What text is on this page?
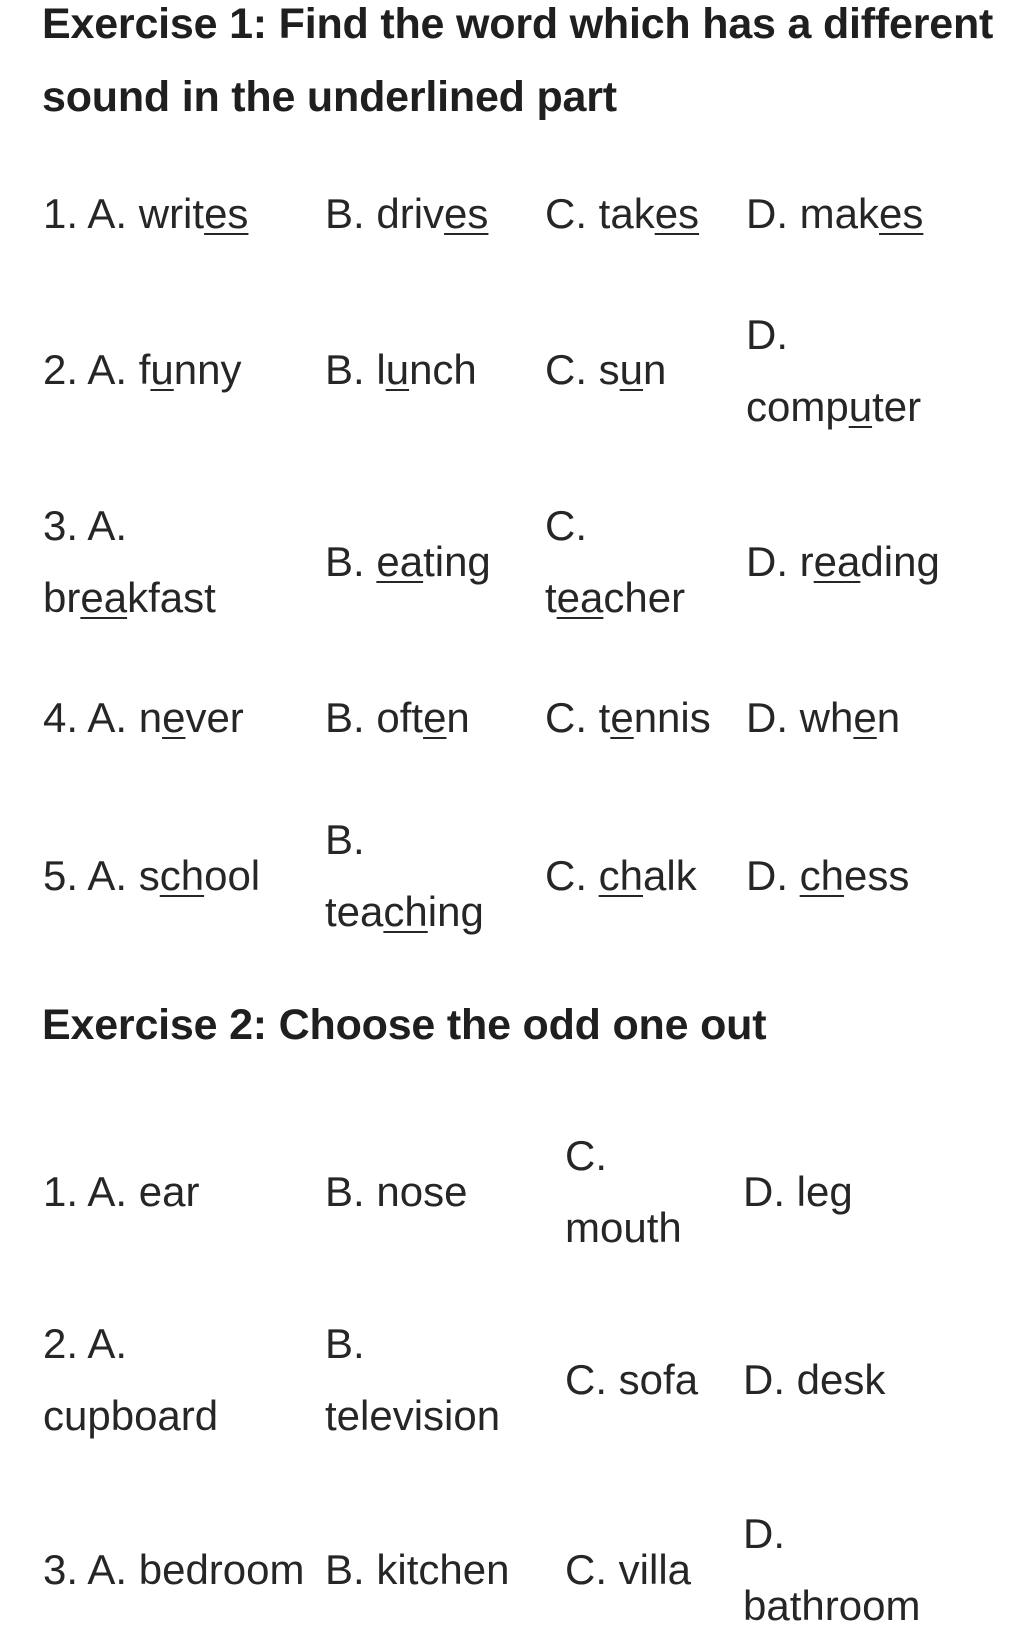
Exercise 1: Find the word which has a different
sound in the underlined part
1. A. writes B. drives C. takes D. makes
2. A. funny B. lunch C. sun
D.
computer
3. A.
breakfast
B. eating
C.
teacher
D. reading
4. A. never B. often C. tennis D. when
5. A. school
B.
teaching
C. chalk D. chess
Exercise 2: Choose the odd one out
1. A. ear	B. nose
C.
mouth
D. leg
2. A.
cupboard
B.
television
C. sofa D. desk
3. A. bedroom B. kitchen C. villa
D.
bathroom
